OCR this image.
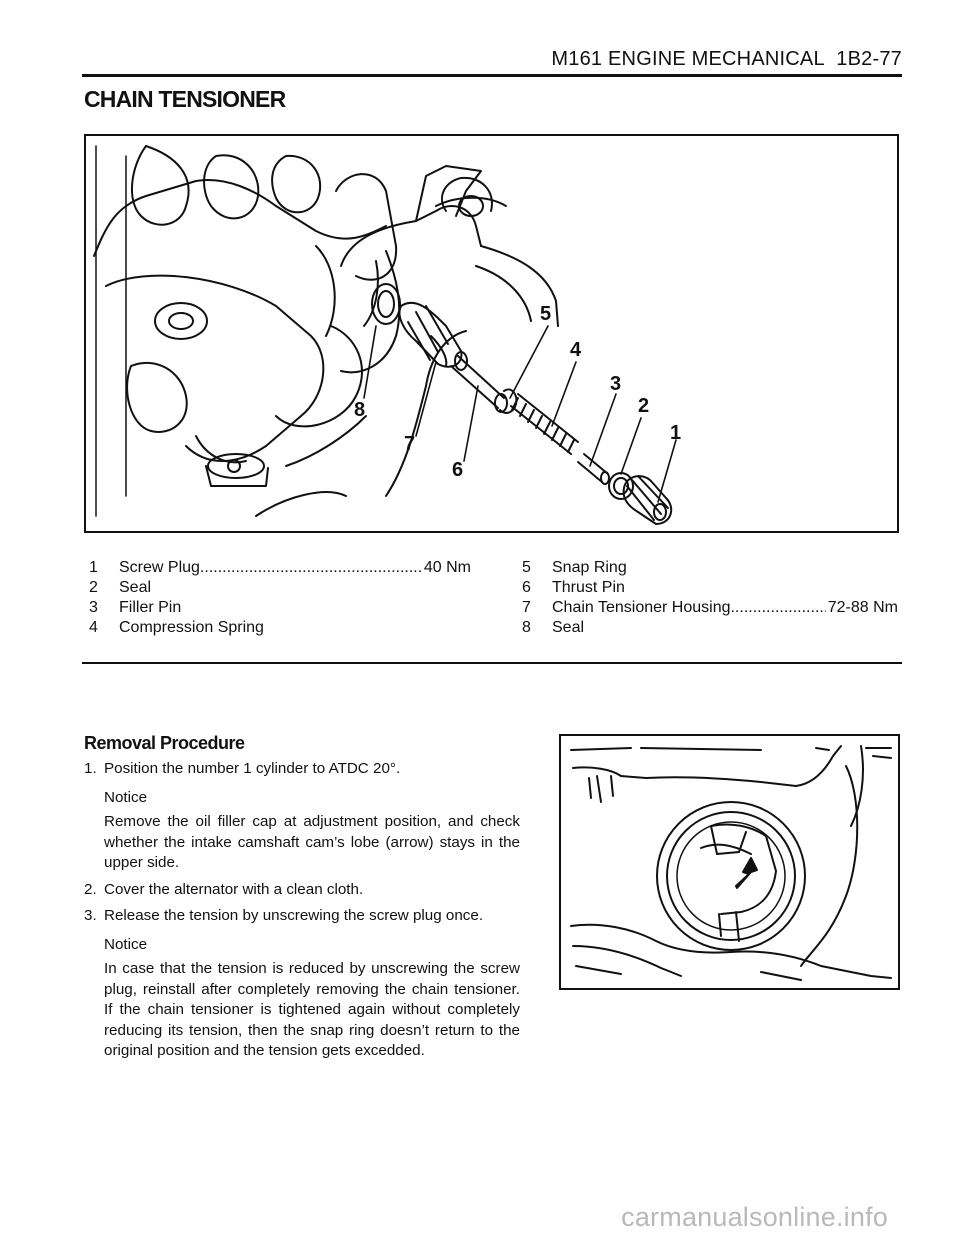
M161 ENGINE MECHANICAL 1B2-77
CHAIN TENSIONER
1
2
3
4
5
6
7
8
1	Screw Plug .....	40 Nm
2	Seal
3	Filler Pin
4	Compression Spring
5	Snap Ring
6	Thrust Pin
7	Chain Tensioner Housing .....	72-88 Nm
8	Seal
Removal Procedure
1. Position the number 1 cylinder to ATDC 20°.
Notice
Remove the oil filler cap at adjustment position, and check whether the intake camshaft cam’s lobe (arrow) stays in the upper side.
2. Cover the alternator with a clean cloth.
3. Release the tension by unscrewing the screw plug once.
Notice
In case that the tension is reduced by unscrewing the screw plug, reinstall after completely removing the chain tensioner. If the chain tensioner is tightened again without completely reducing its tension, then the snap ring doesn’t return to the original position and the tension gets excedded.
carmanualsonline.info
